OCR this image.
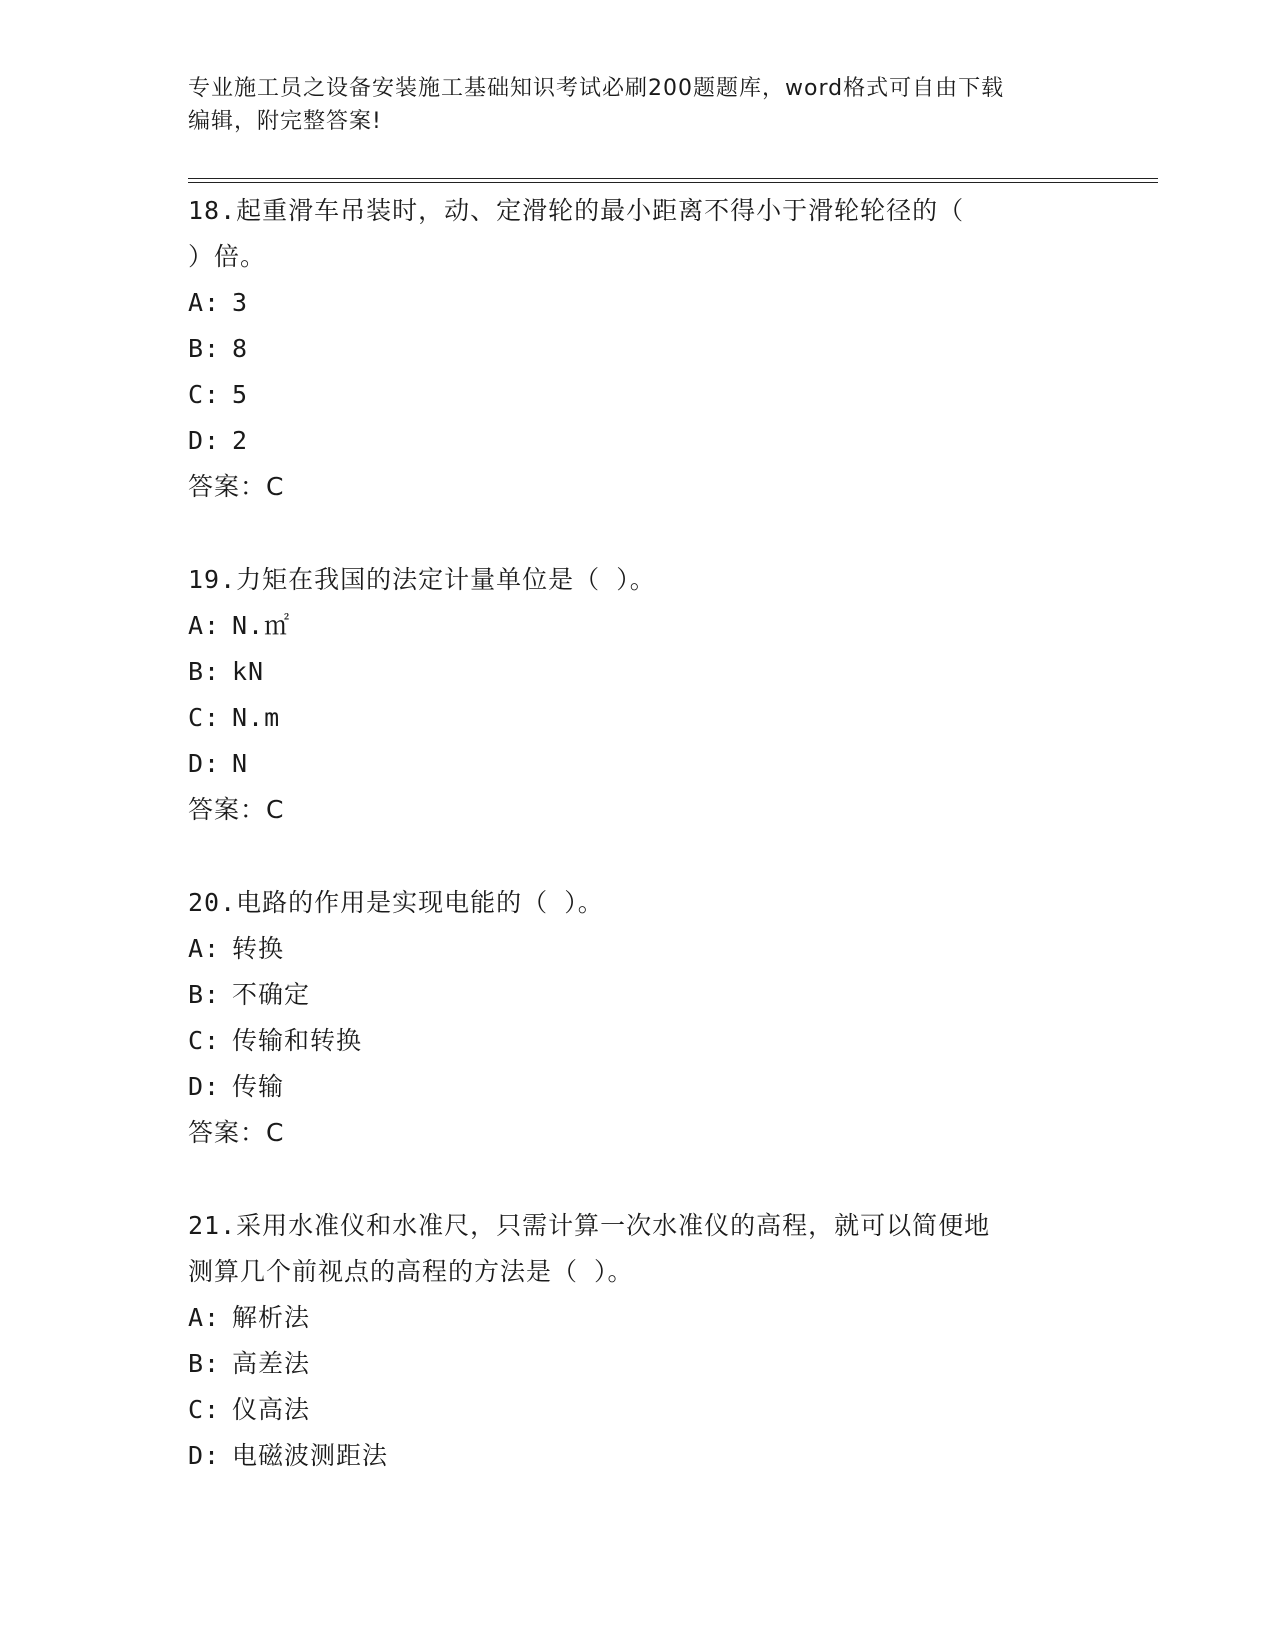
专业施工员之设备安装施工基础知识考试必刷200题题库，word格式可自由下载
编辑，附完整答案!

18.起重滑车吊装时，动、定滑轮的最小距离不得小于滑轮轮径的（
）倍。

A: 3
B: 8
C: 5
D: 2
答案：C

19.力矩在我国的法定计量单位是（ ）。

A: N.㎡
B: kN
C: N.m
D: N
答案：C

20.电路的作用是实现电能的（ ）。

A: 转换
B: 不确定
C: 传输和转换
D: 传输
答案：C

21.采用水准仪和水准尺，只需计算一次水准仪的高程，就可以简便地
测算几个前视点的高程的方法是（ ）。

A: 解析法
B: 高差法
C: 仪高法
D: 电磁波测距法
